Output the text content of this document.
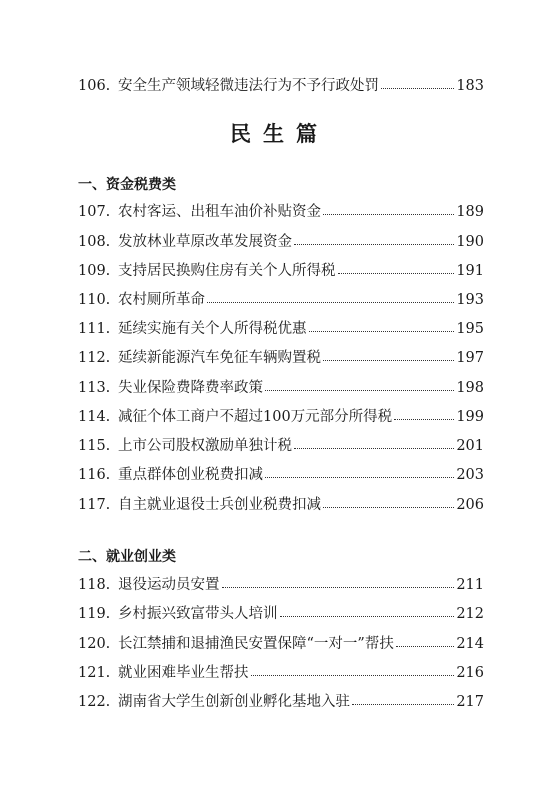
106. 安全生产领域轻微违法行为不予行政处罚	183
民生篇
一、资金税费类
107. 农村客运、出租车油价补贴资金	189
108. 发放林业草原改革发展资金	190
109. 支持居民换购住房有关个人所得税	191
110. 农村厕所革命	193
111. 延续实施有关个人所得税优惠	195
112. 延续新能源汽车免征车辆购置税	197
113. 失业保险费降费率政策	198
114. 减征个体工商户不超过100万元部分所得税	199
115. 上市公司股权激励单独计税	201
116. 重点群体创业税费扣减	203
117. 自主就业退役士兵创业税费扣减	206
二、就业创业类
118. 退役运动员安置	211
119. 乡村振兴致富带头人培训	212
120. 长江禁捕和退捕渔民安置保障“一对一”帮扶	214
121. 就业困难毕业生帮扶	216
122. 湖南省大学生创新创业孵化基地入驻	217
